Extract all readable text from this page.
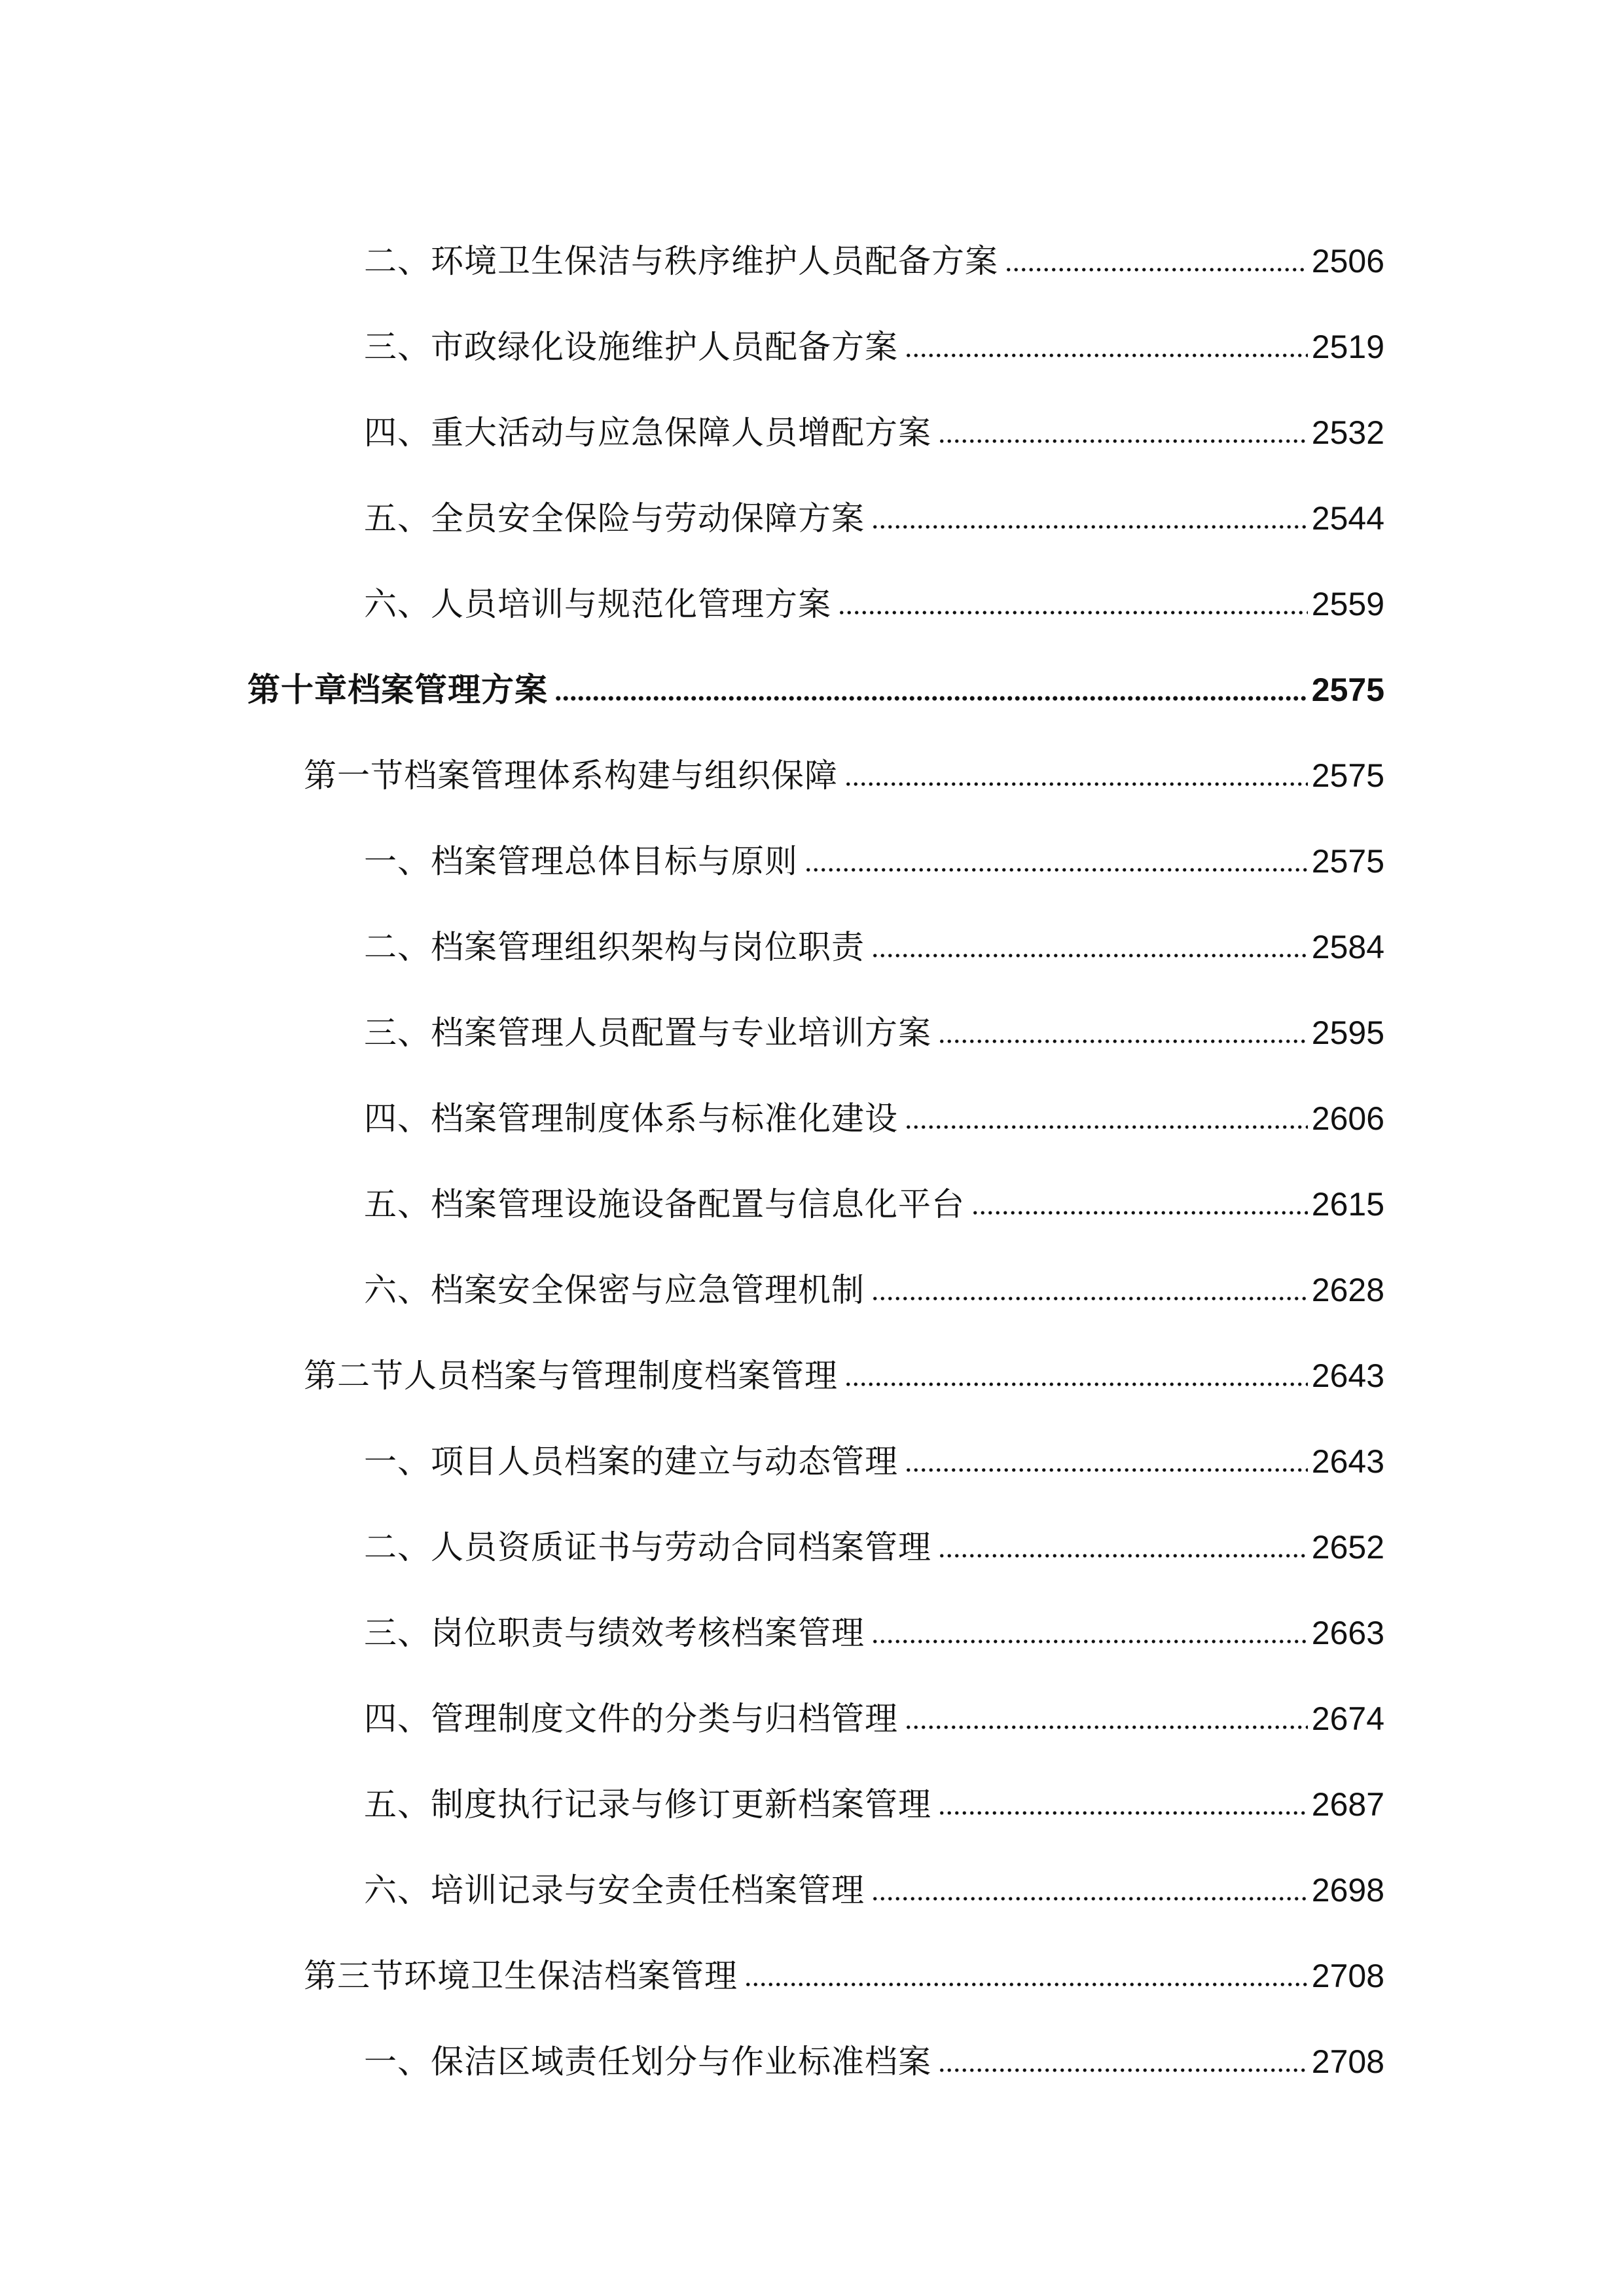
二、环境卫生保洁与秩序维护人员配备方案	2506
三、市政绿化设施维护人员配备方案	2519
四、重大活动与应急保障人员增配方案	2532
五、全员安全保险与劳动保障方案	2544
六、人员培训与规范化管理方案	2559
第十章档案管理方案	2575
第一节档案管理体系构建与组织保障	2575
一、档案管理总体目标与原则	2575
二、档案管理组织架构与岗位职责	2584
三、档案管理人员配置与专业培训方案	2595
四、档案管理制度体系与标准化建设	2606
五、档案管理设施设备配置与信息化平台	2615
六、档案安全保密与应急管理机制	2628
第二节人员档案与管理制度档案管理	2643
一、项目人员档案的建立与动态管理	2643
二、人员资质证书与劳动合同档案管理	2652
三、岗位职责与绩效考核档案管理	2663
四、管理制度文件的分类与归档管理	2674
五、制度执行记录与修订更新档案管理	2687
六、培训记录与安全责任档案管理	2698
第三节环境卫生保洁档案管理	2708
一、保洁区域责任划分与作业标准档案	2708
